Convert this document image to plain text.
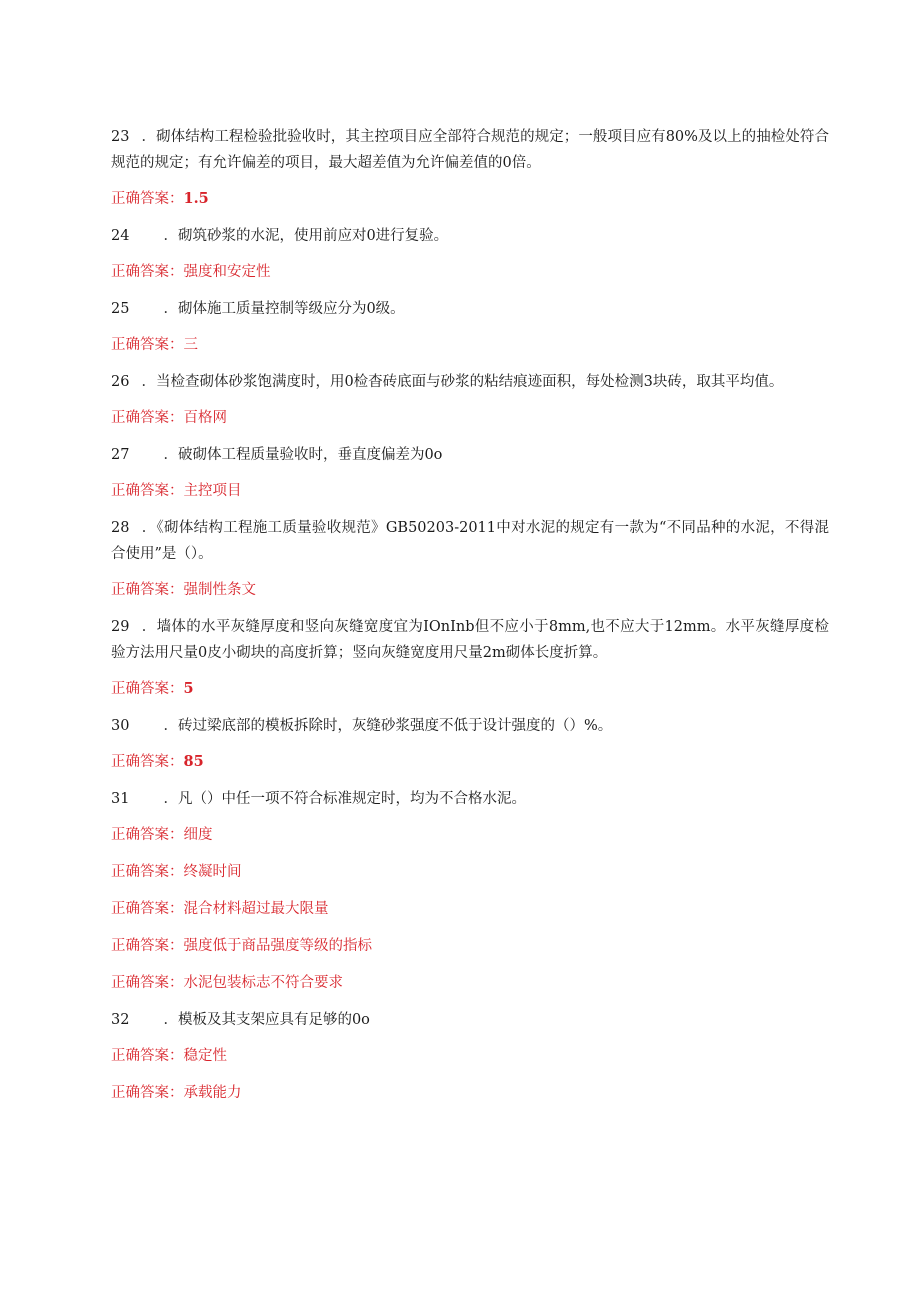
23 ．砌体结构工程检验批验收时，其主控项目应全部符合规范的规定；一般项目应有80%及以上的抽检处符合规范的规定；有允许偏差的项目，最大超差值为允许偏差值的0倍。
正确答案：1.5
24 ．砌筑砂浆的水泥，使用前应对0进行复验。
正确答案：强度和安定性
25 ．砌体施工质量控制等级应分为0级。
正确答案：三
26 ．当检查砌体砂浆饱满度时，用0检杳砖底面与砂浆的粘结痕迹面积，每处检测3块砖，取其平均值。
正确答案：百格网
27 ．破砌体工程质量验收时，垂直度偏差为0o
正确答案：主控项目
28 ．《砌体结构工程施工质量验收规范》GB50203-2011中对水泥的规定有一款为“不同品种的水泥，不得混合使用”是（）。
正确答案：强制性条文
29 ．墙体的水平灰缝厚度和竖向灰缝宽度宜为IOnInb但不应小于8mm,也不应大于12mm。水平灰缝厚度检验方法用尺量0皮小砌块的高度折算；竖向灰缝宽度用尺量2m砌体长度折算。
正确答案：5
30 ．砖过梁底部的模板拆除时，灰缝砂浆强度不低于设计强度的（）%。
正确答案：85
31 ．凡（）中任一项不符合标准规定时，均为不合格水泥。
正确答案：细度
正确答案：终凝时间
正确答案：混合材料超过最大限量
正确答案：强度低于商品强度等级的指标
正确答案：水泥包装标志不符合要求
32 ．模板及其支架应具有足够的0o
正确答案：稳定性
正确答案：承载能力
